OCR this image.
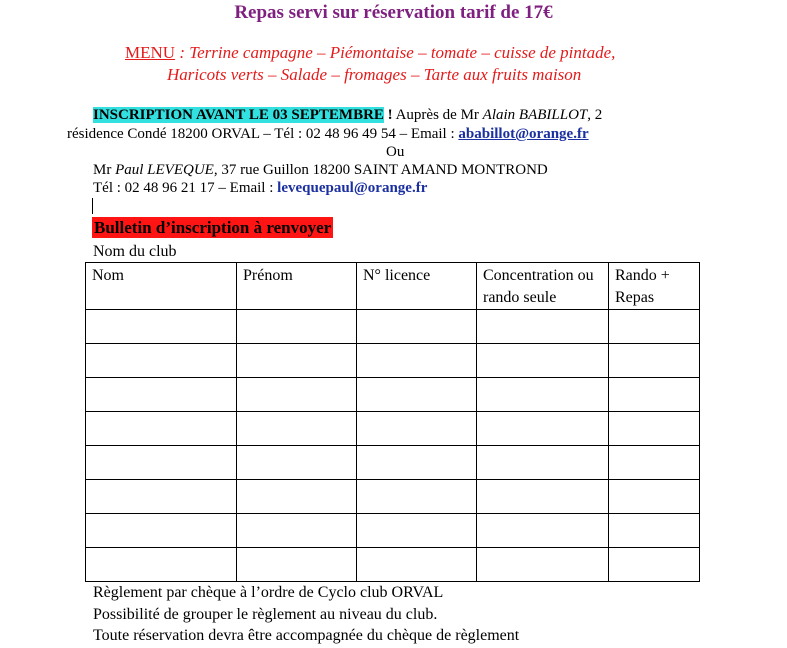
Repas servi sur réservation tarif de 17€
MENU : Terrine campagne – Piémontaise – tomate – cuisse de pintade,
Haricots verts – Salade – fromages – Tarte aux fruits maison
INSCRIPTION AVANT LE 03 SEPTEMBRE ! Auprès de Mr Alain BABILLOT, 2
résidence Condé 18200 ORVAL – Tél : 02 48 96 49 54 – Email : ababillot@orange.fr
Ou
Mr Paul LEVEQUE, 37 rue Guillon 18200 SAINT AMAND MONTROND
Tél : 02 48 96 21 17 – Email : levequepaul@orange.fr
Bulletin d’inscription à renvoyer
Nom du club
Nom	Prénom	N° licence	Concentration ou rando seule	Rando + Repas

Règlement par chèque à l’ordre de Cyclo club ORVAL
Possibilité de grouper le règlement au niveau du club.
Toute réservation devra être accompagnée du chèque de règlement
